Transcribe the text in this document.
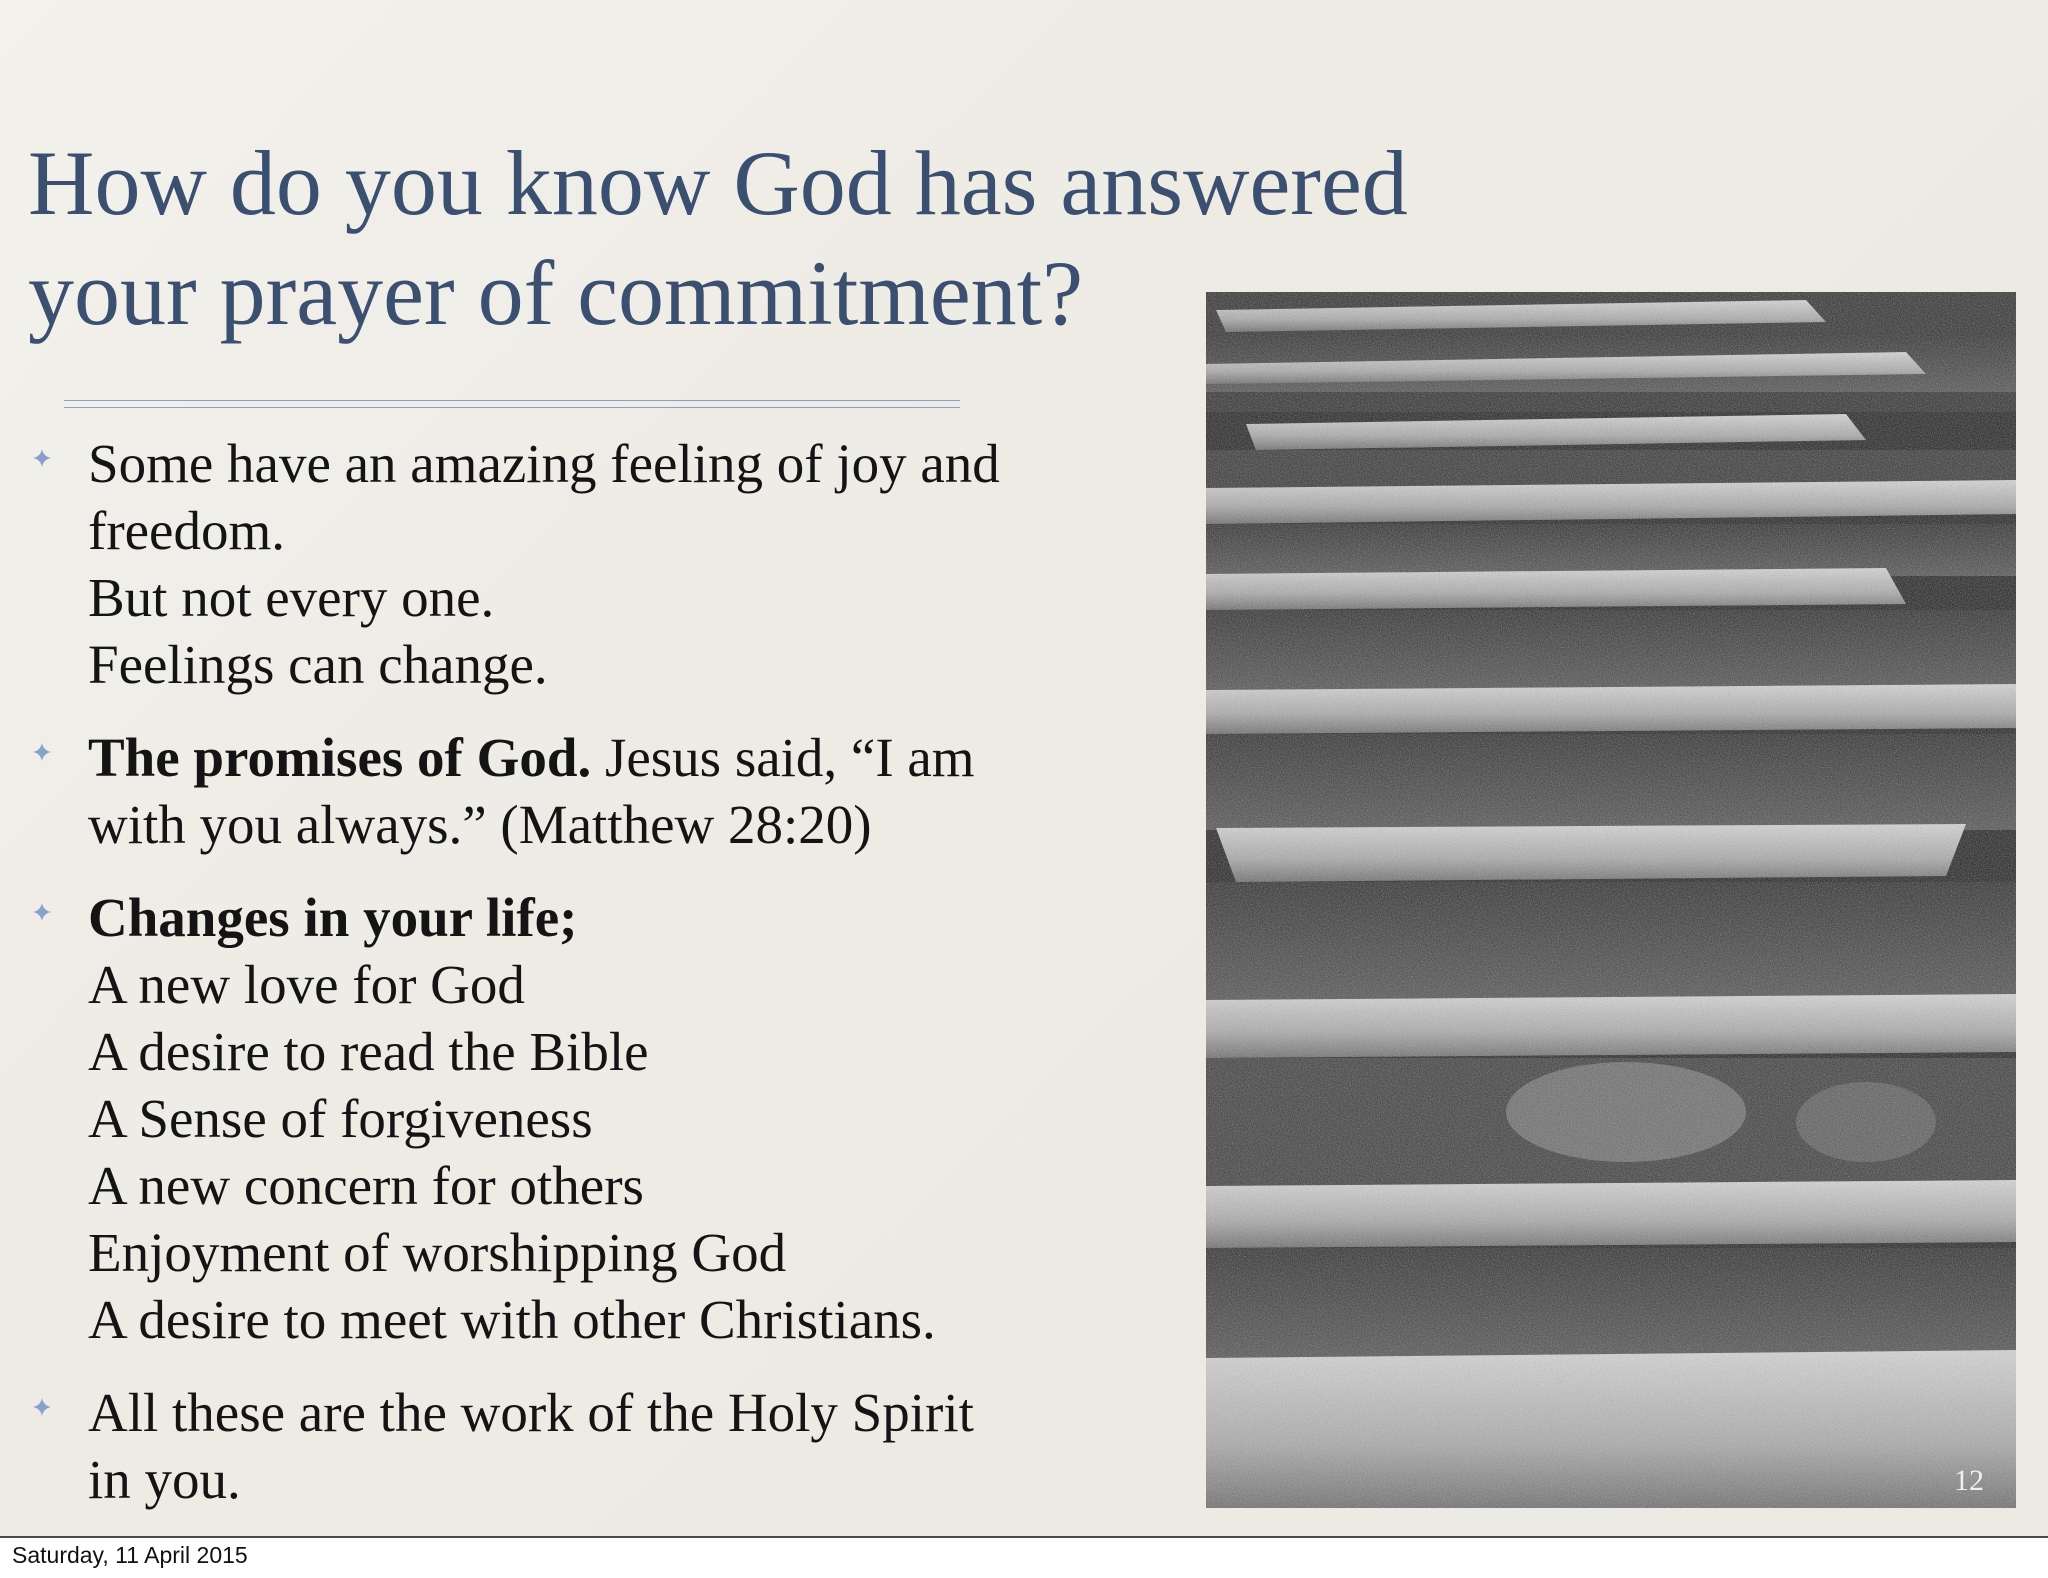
How do you know God has answered
your prayer of commitment?
Some have an amazing feeling of joy and
freedom.
But not every one.
Feelings can change.
The promises of God. Jesus said, “I am
with you always.” (Matthew 28:20)
Changes in your life;
A new love for God
A desire to read the Bible
A Sense of forgiveness
A new concern for others
Enjoyment of worshipping God
A desire to meet with other Christians.
All these are the work of the Holy Spirit
in you.	12
Saturday, 11 April 2015
